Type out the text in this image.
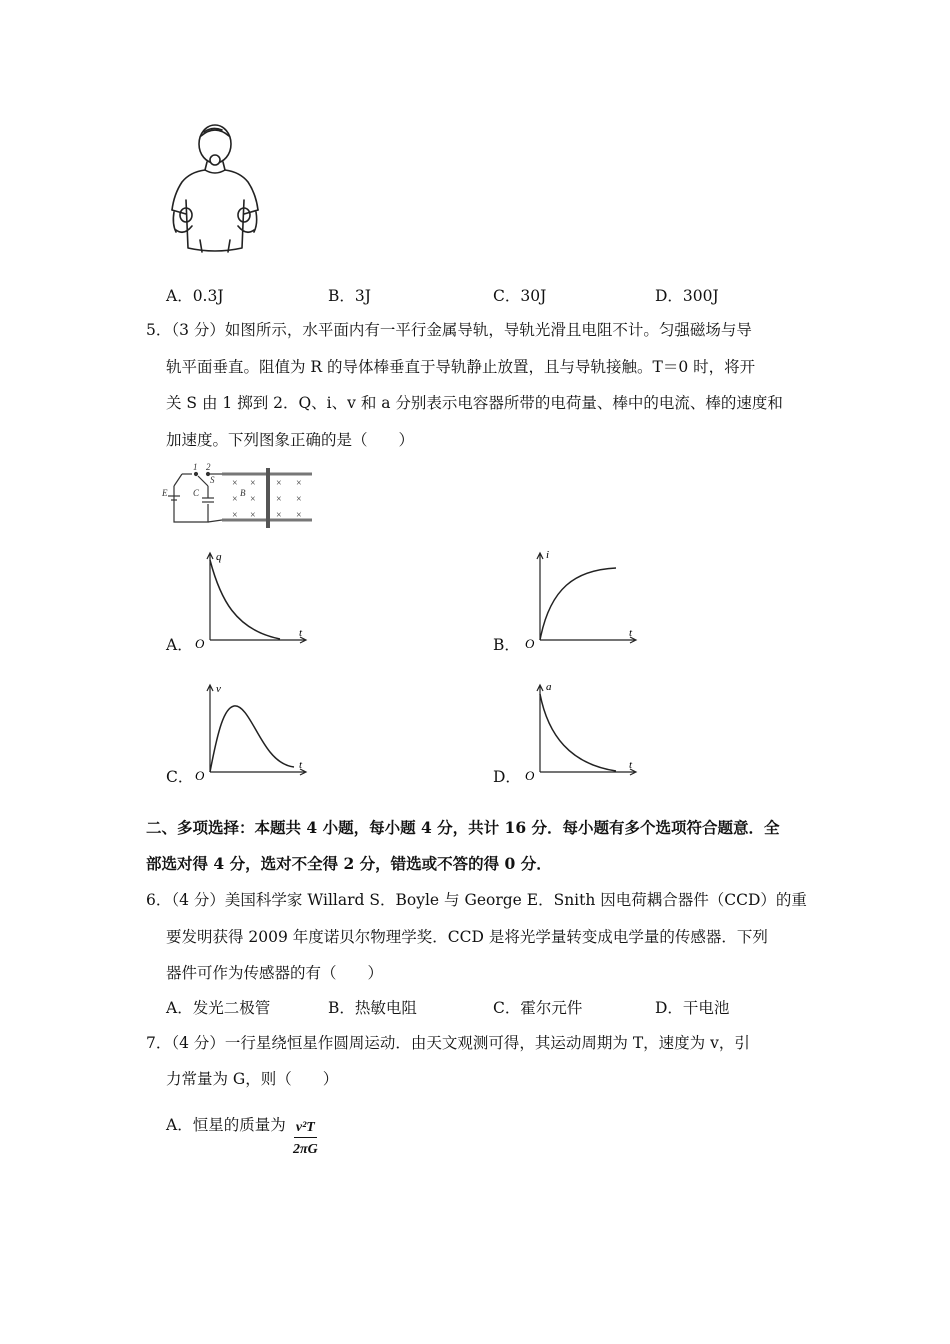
A．0.3J	B．3J	C．30J	D．300J
5．（3 分）如图所示，水平面内有一平行金属导轨，导轨光滑且电阻不计。匀强磁场与导
轨平面垂直。阻值为 R 的导体棒垂直于导轨静止放置，且与导轨接触。T＝0 时，将开
关 S 由 1 掷到 2．Q、i、v 和 a 分别表示电容器所带的电荷量、棒中的电流、棒的速度和
加速度。下列图象正确的是（　　）
× × × ×
× × × ×
× × × ×
1 2
S
E	C	B
A．
q
t
O	B．
i
t
O
C．
v
t
O	D．
a
t
O
二、多项选择：本题共 4 小题，每小题 4 分，共计 16 分．每小题有多个选项符合题意．全
部选对得 4 分，选对不全得 2 分，错选或不答的得 0 分．
6．（4 分）美国科学家 Willard S．Boyle 与 George E．Snith 因电荷耦合器件（CCD）的重
要发明获得 2009 年度诺贝尔物理学奖．CCD 是将光学量转变成电学量的传感器．下列
器件可作为传感器的有（　　）
A．发光二极管	B．热敏电阻	C．霍尔元件	D．干电池
7．（4 分）一行星绕恒星作圆周运动．由天文观测可得，其运动周期为 T，速度为 v，引
力常量为 G，则（　　）
A．恒星的质量为 $\frac{\text{v²T}}{2\pi G}$
